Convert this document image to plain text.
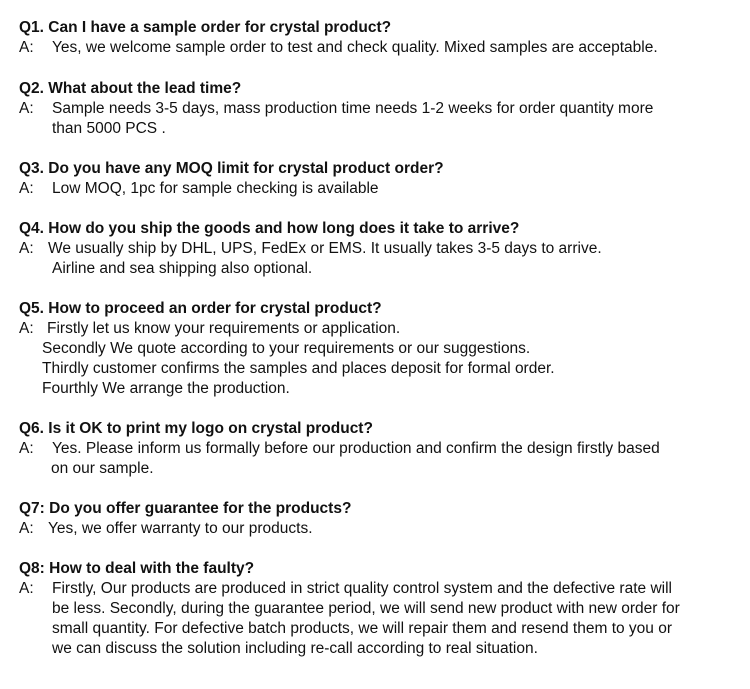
Q1. Can I have a sample order for crystal product?
A:	Yes, we welcome sample order to test and check quality. Mixed samples are acceptable.
Q2. What about the lead time?
A:	Sample needs 3-5 days, mass production time needs 1-2 weeks for order quantity more
than 5000 PCS .
Q3. Do you have any MOQ limit for crystal product order?
A:	Low MOQ, 1pc for sample checking is available
Q4. How do you ship the goods and how long does it take to arrive?
A: We usually ship by DHL, UPS, FedEx or EMS. It usually takes 3-5 days to arrive.
Airline and sea shipping also optional.
Q5. How to proceed an order for crystal product?
A: Firstly let us know your requirements or application.
Secondly We quote according to your requirements or our suggestions.
Thirdly customer confirms the samples and places deposit for formal order.
Fourthly We arrange the production.
Q6. Is it OK to print my logo on crystal product?
A:	Yes. Please inform us formally before our production and confirm the design firstly based
on our sample.
Q7: Do you offer guarantee for the products?
A: Yes, we offer warranty to our products.
Q8: How to deal with the faulty?
A:	Firstly, Our products are produced in strict quality control system and the defective rate will
be less. Secondly, during the guarantee period, we will send new product with new order for
small quantity. For defective batch products, we will repair them and resend them to you or
we can discuss the solution including re-call according to real situation.
